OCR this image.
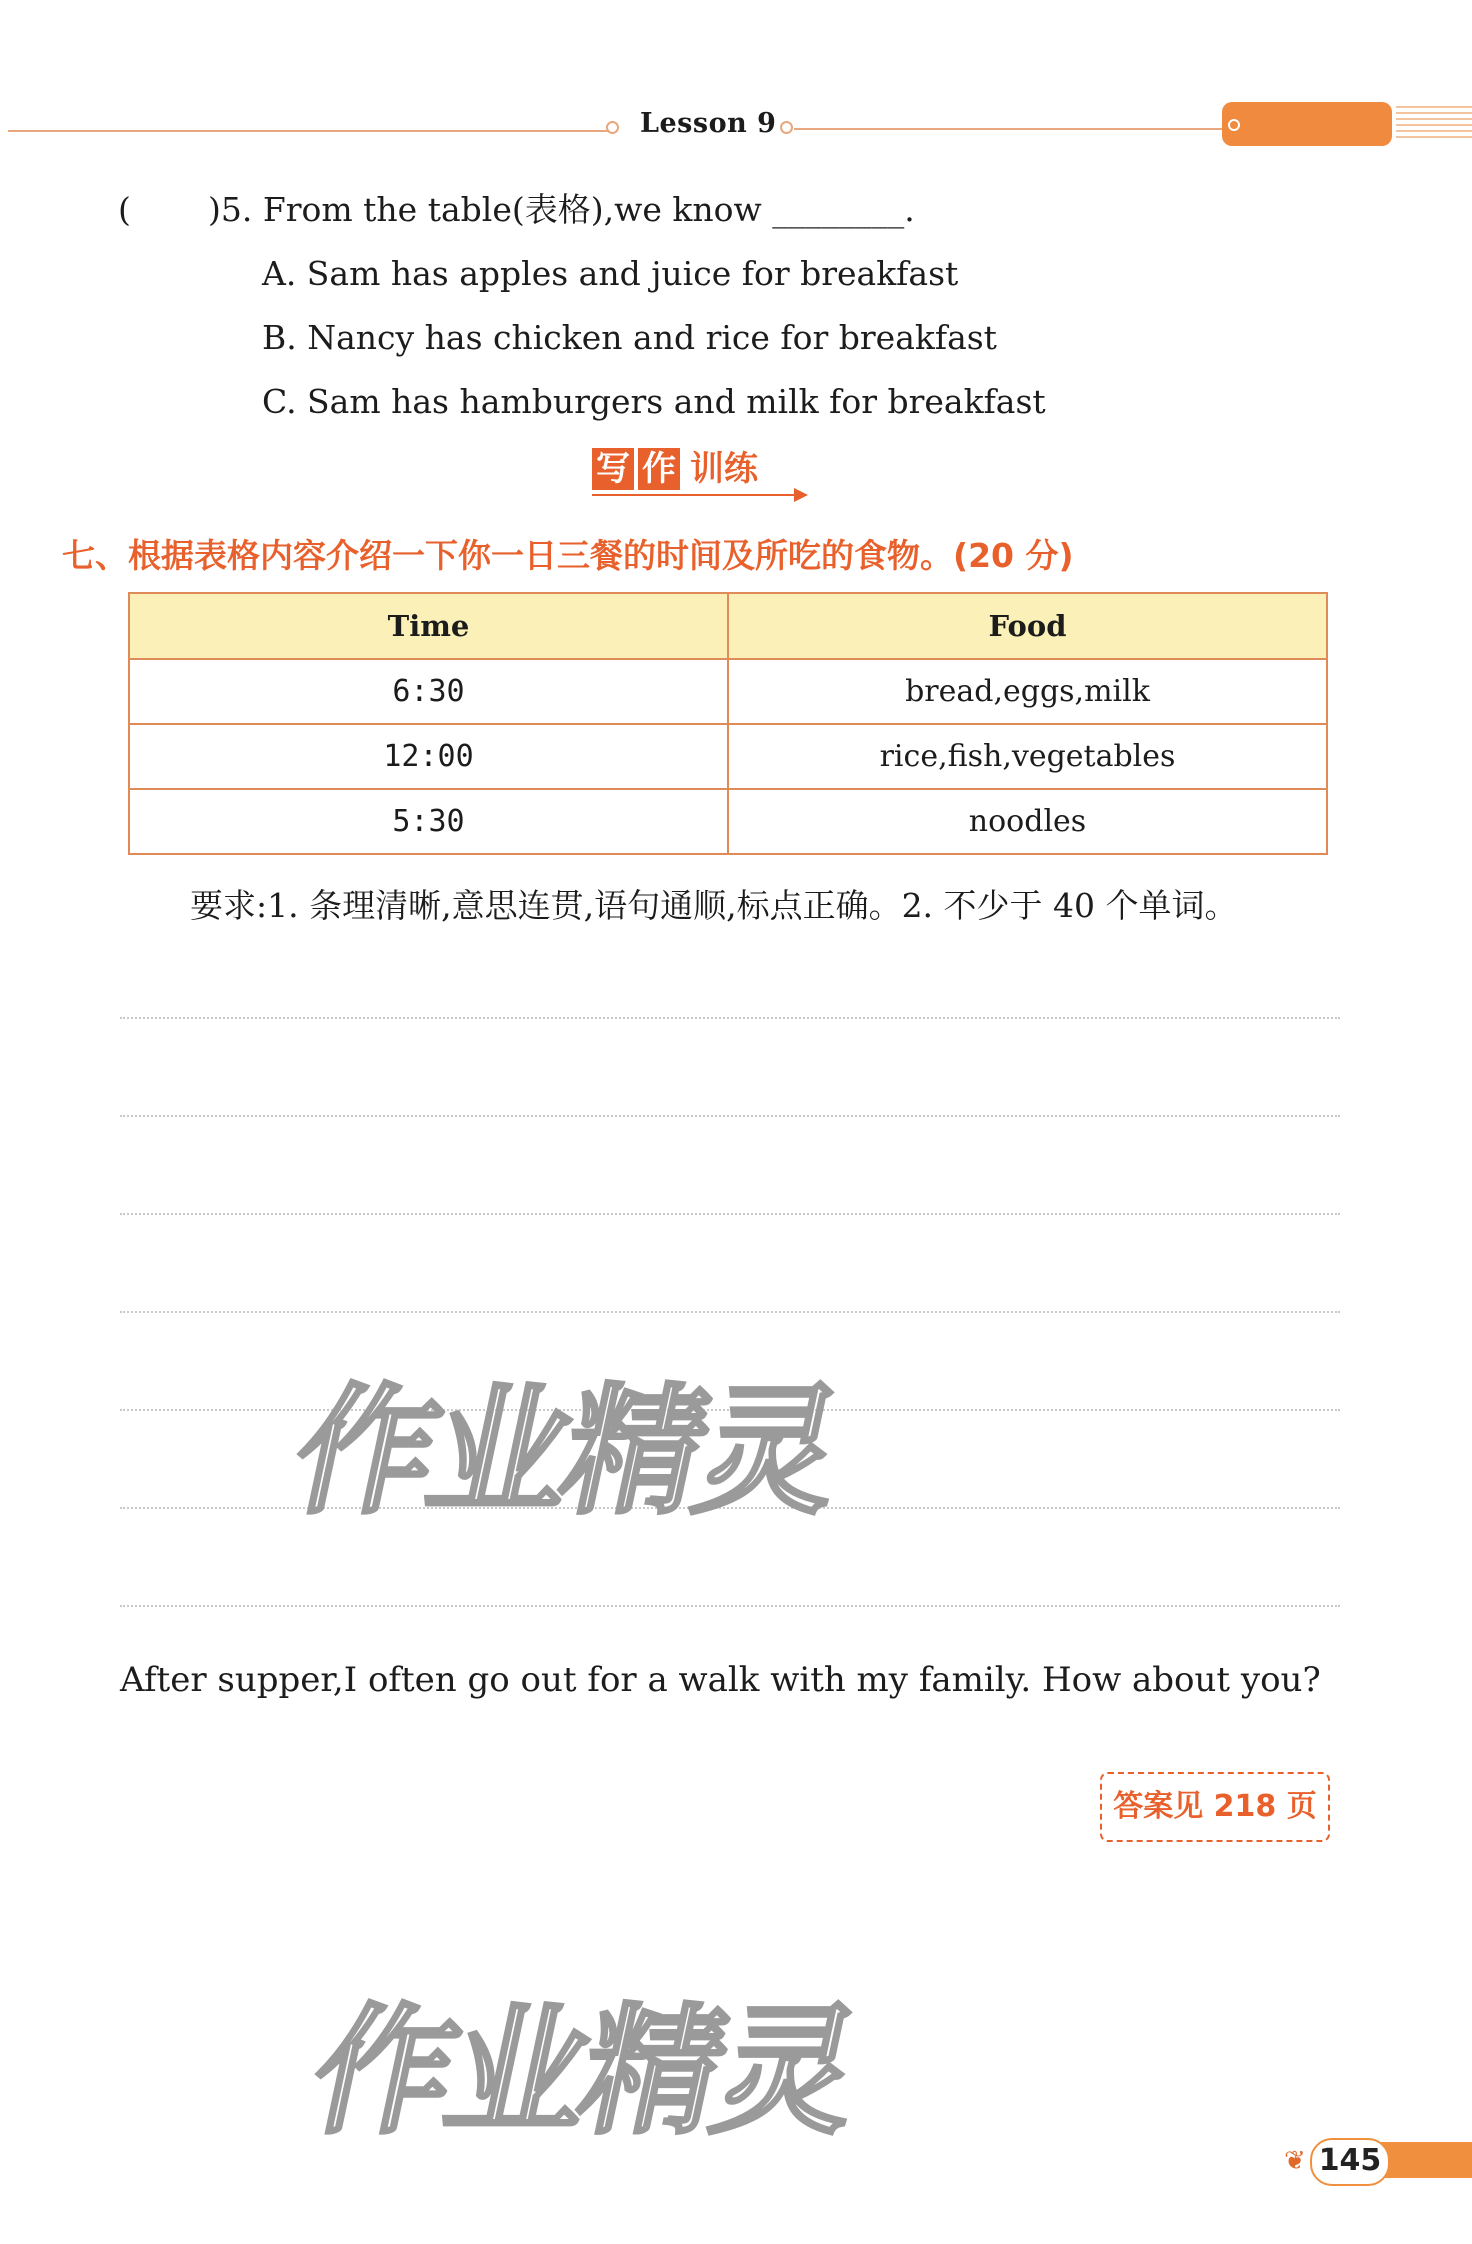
Lesson 9
( )5. From the table(表格),we know ________.
A. Sam has apples and juice for breakfast
B. Nancy has chicken and rice for breakfast
C. Sam has hamburgers and milk for breakfast
写 作 训练
七、根据表格内容介绍一下你一日三餐的时间及所吃的食物。(20 分)
Time	Food
6:30	bread,eggs,milk
12:00	rice,fish,vegetables
5:30	noodles
要求:1. 条理清晰,意思连贯,语句通顺,标点正确。2. 不少于 40 个单词。
作业精灵
作业精灵
After supper,I often go out for a walk with my family. How about you?
答案见 218 页
❦ 145
